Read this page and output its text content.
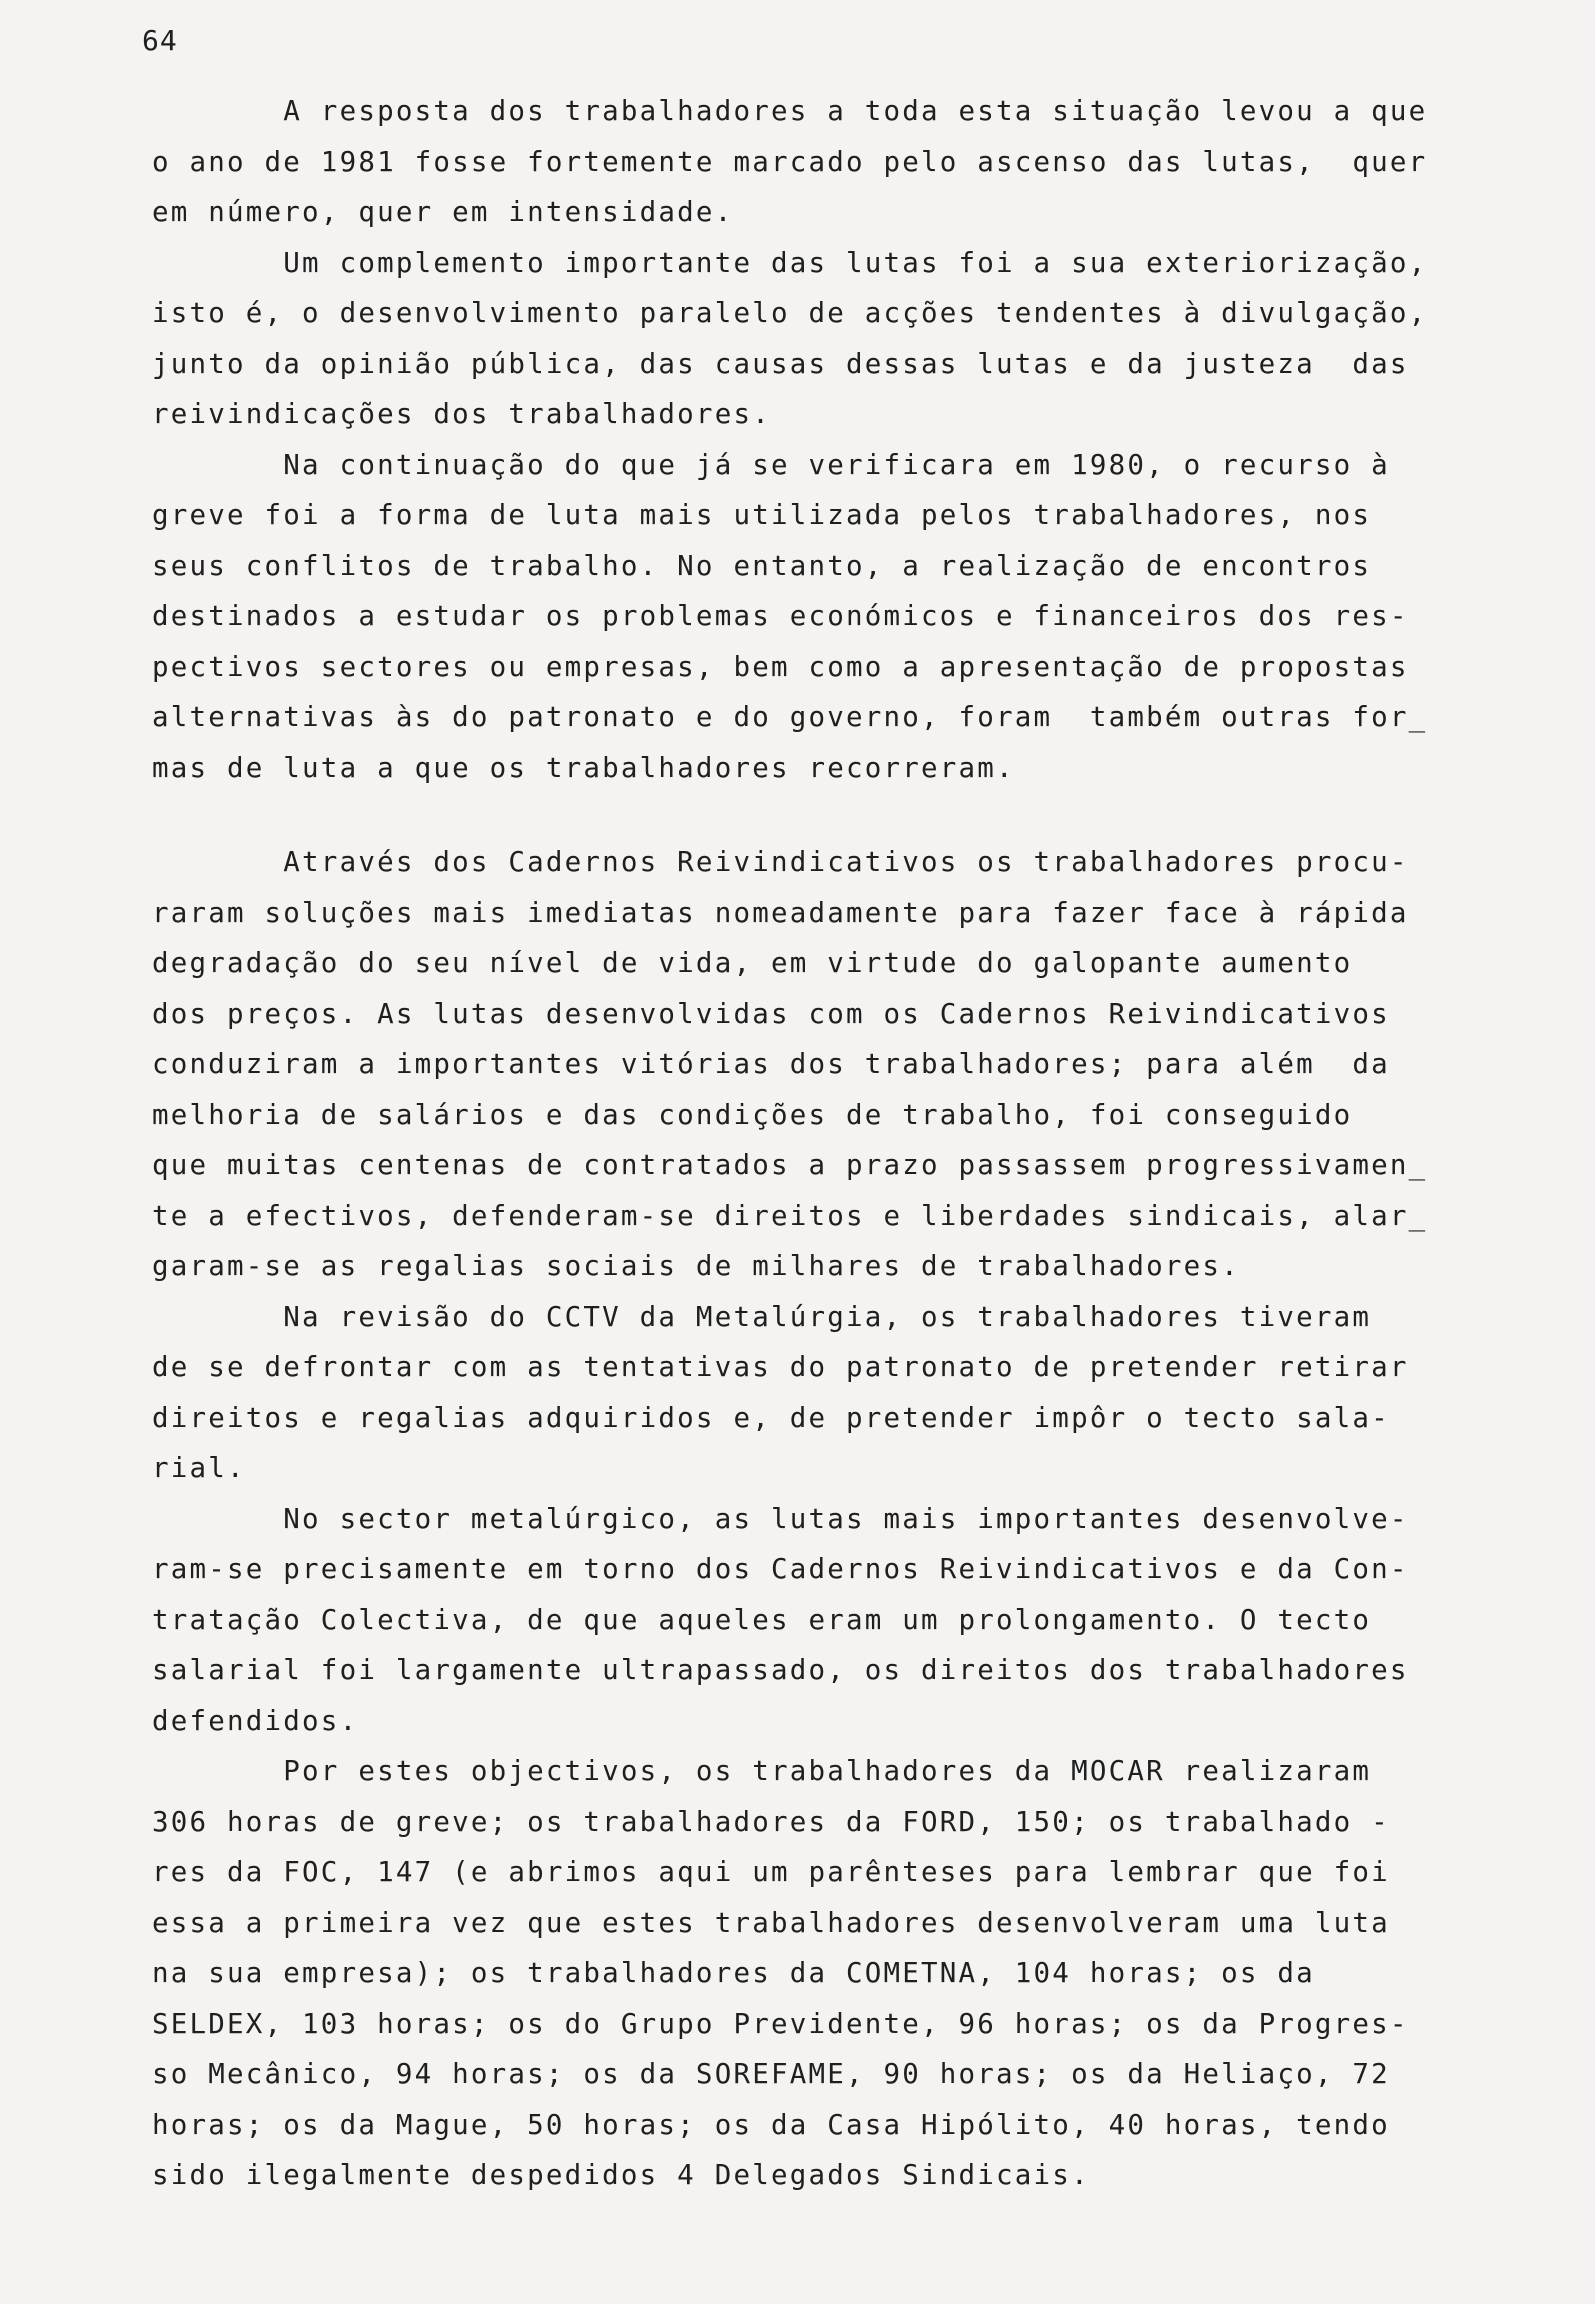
64
A resposta dos trabalhadores a toda esta situação levou a que
o ano de 1981 fosse fortemente marcado pelo ascenso das lutas,  quer
em número, quer em intensidade.
Um complemento importante das lutas foi a sua exteriorização,
isto é, o desenvolvimento paralelo de acções tendentes à divulgação,
junto da opinião pública, das causas dessas lutas e da justeza  das
reivindicações dos trabalhadores.
Na continuação do que já se verificara em 1980, o recurso à
greve foi a forma de luta mais utilizada pelos trabalhadores, nos
seus conflitos de trabalho. No entanto, a realização de encontros
destinados a estudar os problemas económicos e financeiros dos res-
pectivos sectores ou empresas, bem como a apresentação de propostas
alternativas às do patronato e do governo, foram  também outras for_
mas de luta a que os trabalhadores recorreram.
Através dos Cadernos Reivindicativos os trabalhadores procu-
raram soluções mais imediatas nomeadamente para fazer face à rápida
degradação do seu nível de vida, em virtude do galopante aumento
dos preços. As lutas desenvolvidas com os Cadernos Reivindicativos
conduziram a importantes vitórias dos trabalhadores; para além  da
melhoria de salários e das condições de trabalho, foi conseguido
que muitas centenas de contratados a prazo passassem progressivamen_
te a efectivos, defenderam-se direitos e liberdades sindicais, alar_
garam-se as regalias sociais de milhares de trabalhadores.
Na revisão do CCTV da Metalúrgia, os trabalhadores tiveram
de se defrontar com as tentativas do patronato de pretender retirar
direitos e regalias adquiridos e, de pretender impôr o tecto sala-
rial.
No sector metalúrgico, as lutas mais importantes desenvolve-
ram-se precisamente em torno dos Cadernos Reivindicativos e da Con-
tratação Colectiva, de que aqueles eram um prolongamento. O tecto
salarial foi largamente ultrapassado, os direitos dos trabalhadores
defendidos.
Por estes objectivos, os trabalhadores da MOCAR realizaram
306 horas de greve; os trabalhadores da FORD, 150; os trabalhado -
res da FOC, 147 (e abrimos aqui um parênteses para lembrar que foi
essa a primeira vez que estes trabalhadores desenvolveram uma luta
na sua empresa); os trabalhadores da COMETNA, 104 horas; os da
SELDEX, 103 horas; os do Grupo Previdente, 96 horas; os da Progres-
so Mecânico, 94 horas; os da SOREFAME, 90 horas; os da Heliaço, 72
horas; os da Mague, 50 horas; os da Casa Hipólito, 40 horas, tendo
sido ilegalmente despedidos 4 Delegados Sindicais.
